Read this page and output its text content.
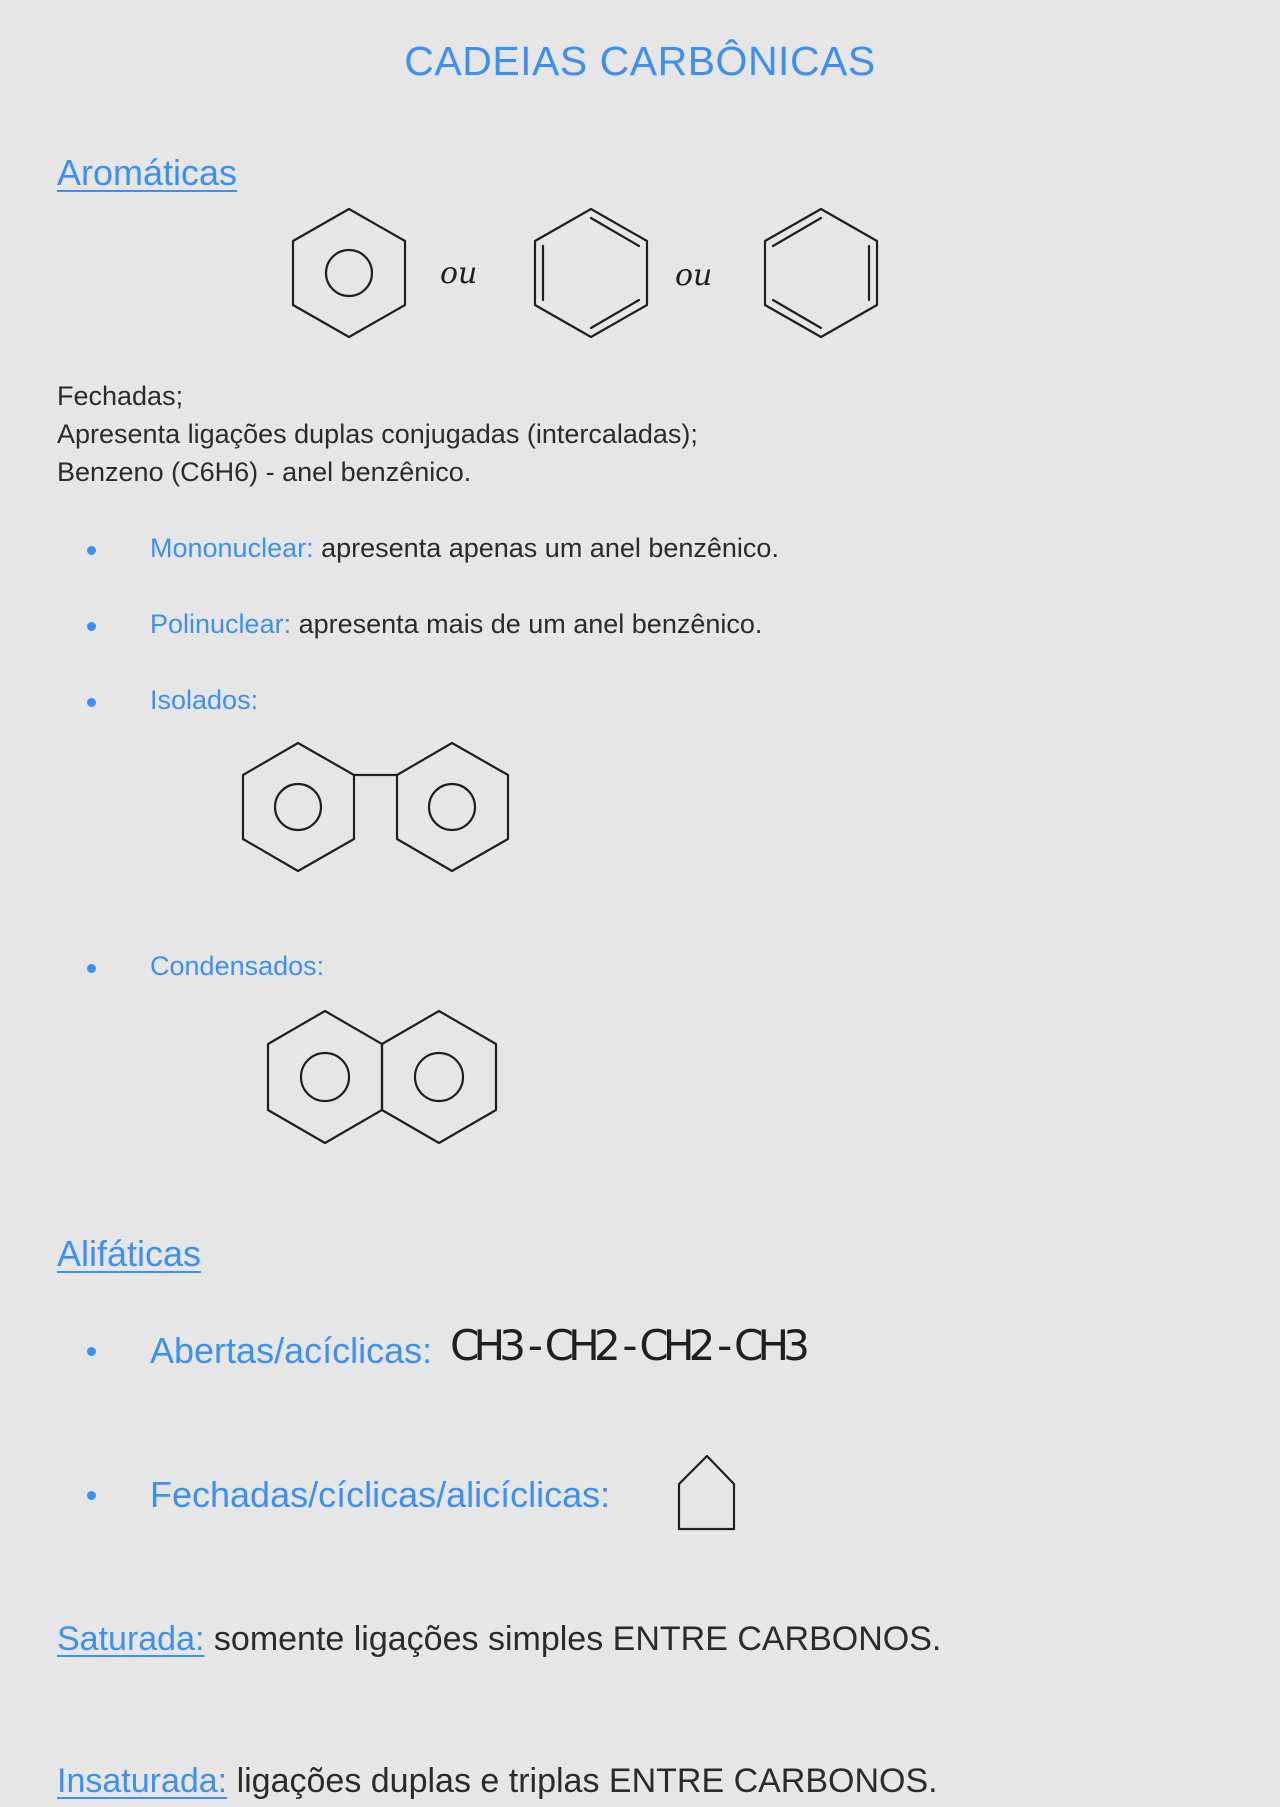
CADEIAS CARBÔNICAS
Aromáticas
ou	ou
Fechadas;
Apresenta ligações duplas conjugadas (intercaladas);
Benzeno (C6H6) - anel benzênico.
Mononuclear: apresenta apenas um anel benzênico.
Polinuclear: apresenta mais de um anel benzênico.
Isolados:
Condensados:
Alifáticas
Abertas/acíclicas: CH3 - CH2 - CH2 - CH3
Fechadas/cíclicas/alicíclicas:
Saturada: somente ligações simples ENTRE CARBONOS.
Insaturada: ligações duplas e triplas ENTRE CARBONOS.
